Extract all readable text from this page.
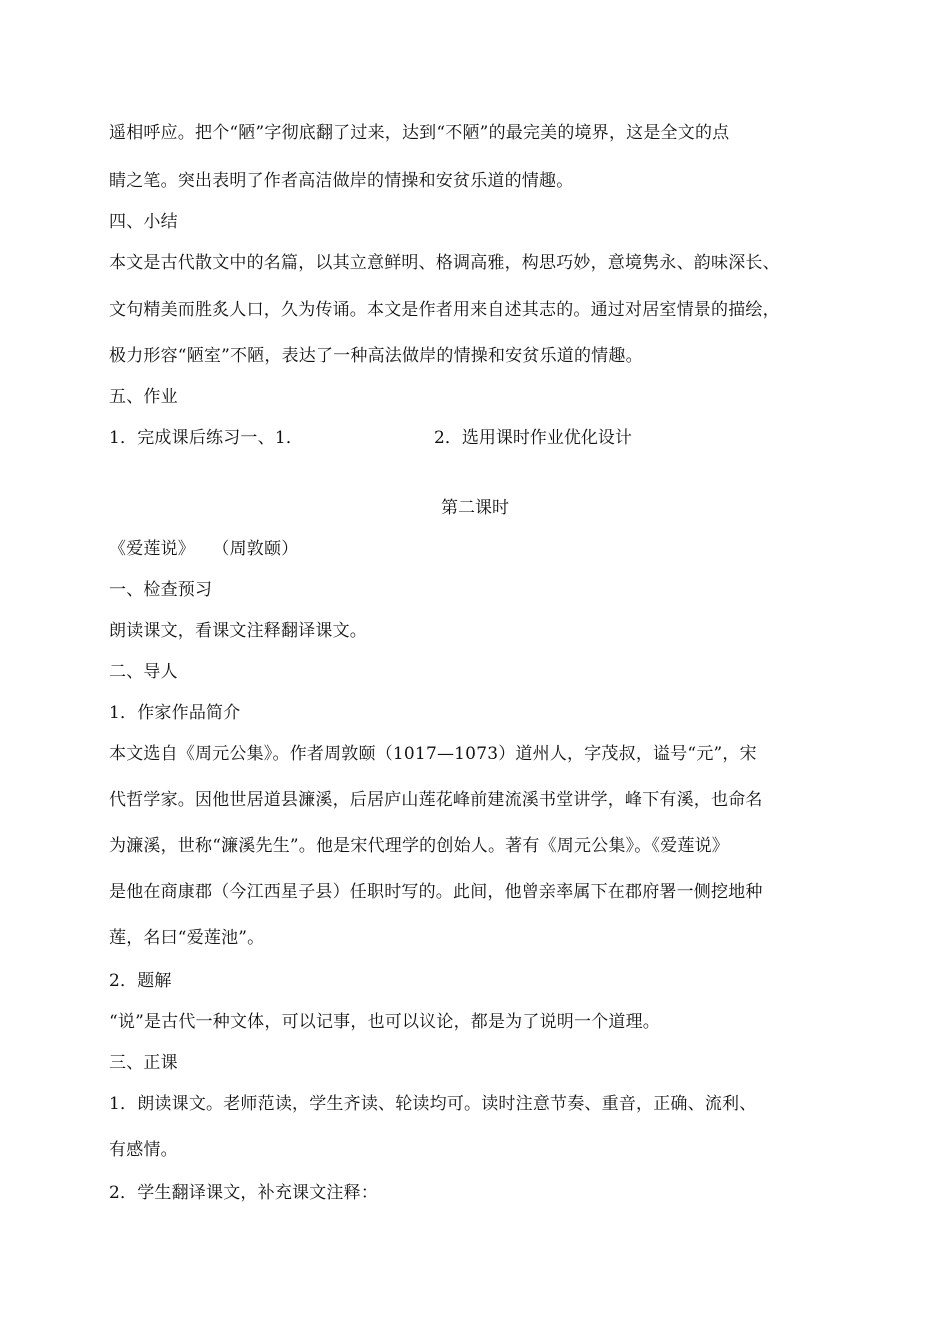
遥相呼应。把个“陋”字彻底翻了过来，达到“不陋”的最完美的境界，这是全文的点
睛之笔。突出表明了作者高洁做岸的情操和安贫乐道的情趣。
四、小结
本文是古代散文中的名篇，以其立意鲜明、格调高雅，构思巧妙，意境隽永、韵味深长、
文句精美而胜炙人口，久为传诵。本文是作者用来自述其志的。通过对居室情景的描绘，
极力形容“陋室”不陋，表达了一种高法做岸的情操和安贫乐道的情趣。
五、作业
1．完成课后练习一、1．	2．选用课时作业优化设计
第二课时
《爱莲说》　　（周敦颐）
一、检查预习
朗读课文，看课文注释翻译课文。
二、导人
1．作家作品简介
本文选自《周元公集》。作者周敦颐（1017—1073）道州人，字茂叔，谥号“元”，宋
代哲学家。因他世居道县濂溪，后居庐山莲花峰前建流溪书堂讲学，峰下有溪，也命名
为濂溪，世称“濂溪先生”。他是宋代理学的创始人。著有《周元公集》。《爱莲说》
是他在商康郡（今江西星子县）任职时写的。此间，他曾亲率属下在郡府署一侧挖地种
莲，名曰“爱莲池”。
2．题解
“说”是古代一种文体，可以记事，也可以议论，都是为了说明一个道理。
三、正课
1．朗读课文。老师范读，学生齐读、轮读均可。读时注意节奏、重音，正确、流利、
有感情。
2．学生翻译课文，补充课文注释：
